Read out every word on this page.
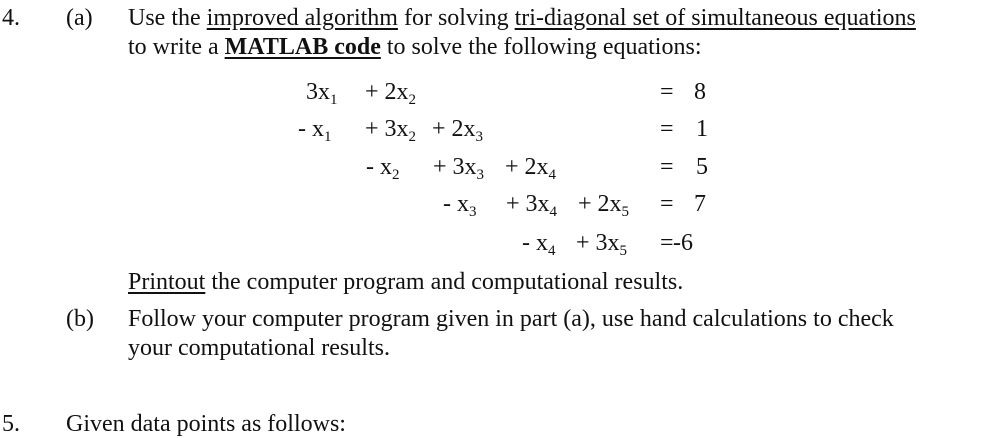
4. (a) Use the improved algorithm for solving tri-diagonal set of simultaneous equations
to write a MATLAB code to solve the following equations:
$3x_1 + 2x_2$	= 8
- $x_1 + 3x_2 + 2x_3$	= 1
- $x_2 + 3x_3 + 2x_4$	= 5
- $x_3 + 3x_4 + 2x_5 = 7$
- $x_4 + 3x_5 = -6$
Printout the computer program and computational results.
(b) Follow your computer program given in part (a), use hand calculations to check
your computational results.
5. Given data points as follows:
